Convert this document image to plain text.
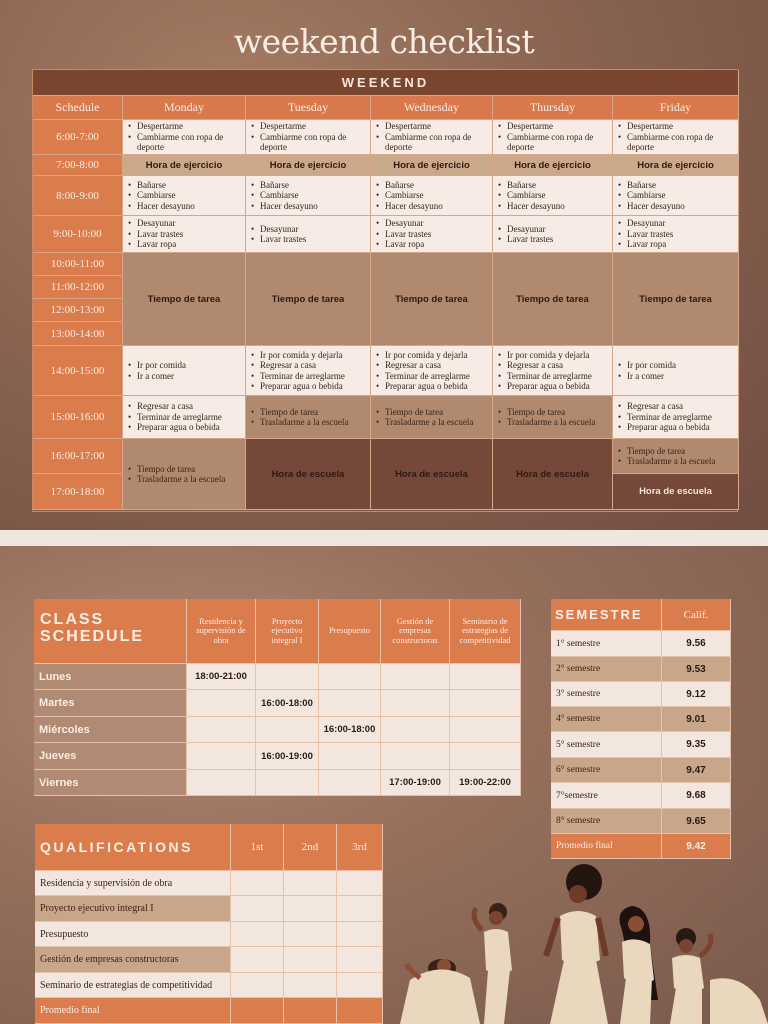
weekend checklist
WEEKEND
Schedule	Monday	Tuesday	Wednesday	Thursday	Friday
6:00-7:00
• Despertarme
• Cambiarme con ropa de deporte
• Despertarme
• Cambiarme con ropa de deporte
• Despertarme
• Cambiarme con ropa de deporte
• Despertarme
• Cambiarme con ropa de deporte
• Despertarme
• Cambiarme con ropa de deporte
7:00-8:00	Hora de ejercicio	Hora de ejercicio	Hora de ejercicio	Hora de ejercicio	Hora de ejercicio
8:00-9:00
• Bañarse
• Cambiarse
• Hacer desayuno
• Bañarse
• Cambiarse
• Hacer desayuno
• Bañarse
• Cambiarse
• Hacer desayuno
• Bañarse
• Cambiarse
• Hacer desayuno
• Bañarse
• Cambiarse
• Hacer desayuno
9:00-10:00
• Desayunar
• Lavar trastes
• Lavar ropa
• Desayunar
• Lavar trastes
• Desayunar
• Lavar trastes
• Lavar ropa
• Desayunar
• Lavar trastes
• Desayunar
• Lavar trastes
• Lavar ropa
10:00-11:00
11:00-12:00
12:00-13:00
13:00-14:00
Tiempo de tarea	Tiempo de tarea	Tiempo de tarea	Tiempo de tarea	Tiempo de tarea
14:00-15:00
•	Ir por comida
• Ir a comer
• Ir por comida y dejarla
• Regresar a casa
• Terminar de arreglarme
• Preparar agua o bebida
• Ir por comida y dejarla
• Regresar a casa
• Terminar de arreglarme
• Preparar agua o bebida
• Ir por comida y dejarla
• Regresar a casa
• Terminar de arreglarme
• Preparar agua o bebida
• Ir por comida
• Ir a comer
15:00-16:00
• Regresar a casa
• Terminar de arreglarme
• Preparar agua o bebida
• Tiempo de tarea
• Trasladarme a la escuela
• Tiempo de tarea
• Trasladarme a la escuela
• Tiempo de tarea
• Trasladarme a la escuela
• Regresar a casa
• Terminar de arreglarme
• Preparar agua o bebida
16:00-17:00
17:00-18:00
• Tiempo de tarea
• Trasladarme a la escuela	Hora de escuela	Hora de escuela	Hora de escuela
• Tiempo de tarea
• Trasladarme a la escuela
Hora de escuela
CLASS
SCHEDULE
Residencia y supervisión de obra
Proyecto ejecutivo integral I
Presupuesto
Gestión de empresas constructoras
Seminario de estrategias de competitividad
Lunes	18:00-21:00
Martes	16:00-18:00
Miércoles	16:00-18:00
Jueves	16:00-19:00
Viernes	17:00-19:00	19:00-22:00
SEMESTRE	Calif.
1° semestre	9.56
2° semestre	9.53
3° semestre	9.12
4° semestre	9.01
5° semestre	9.35
6° semestre	9.47
7°semestre	9.68
8° semestre	9.65
Promedio final	9.42
QUALIFICATIONS	1st	2nd	3rd
Residencia y supervisión de obra
Proyecto ejecutivo integral I
Presupuesto
Gestión de empresas constructoras
Seminario de estrategias de competitividad
Promedio final
